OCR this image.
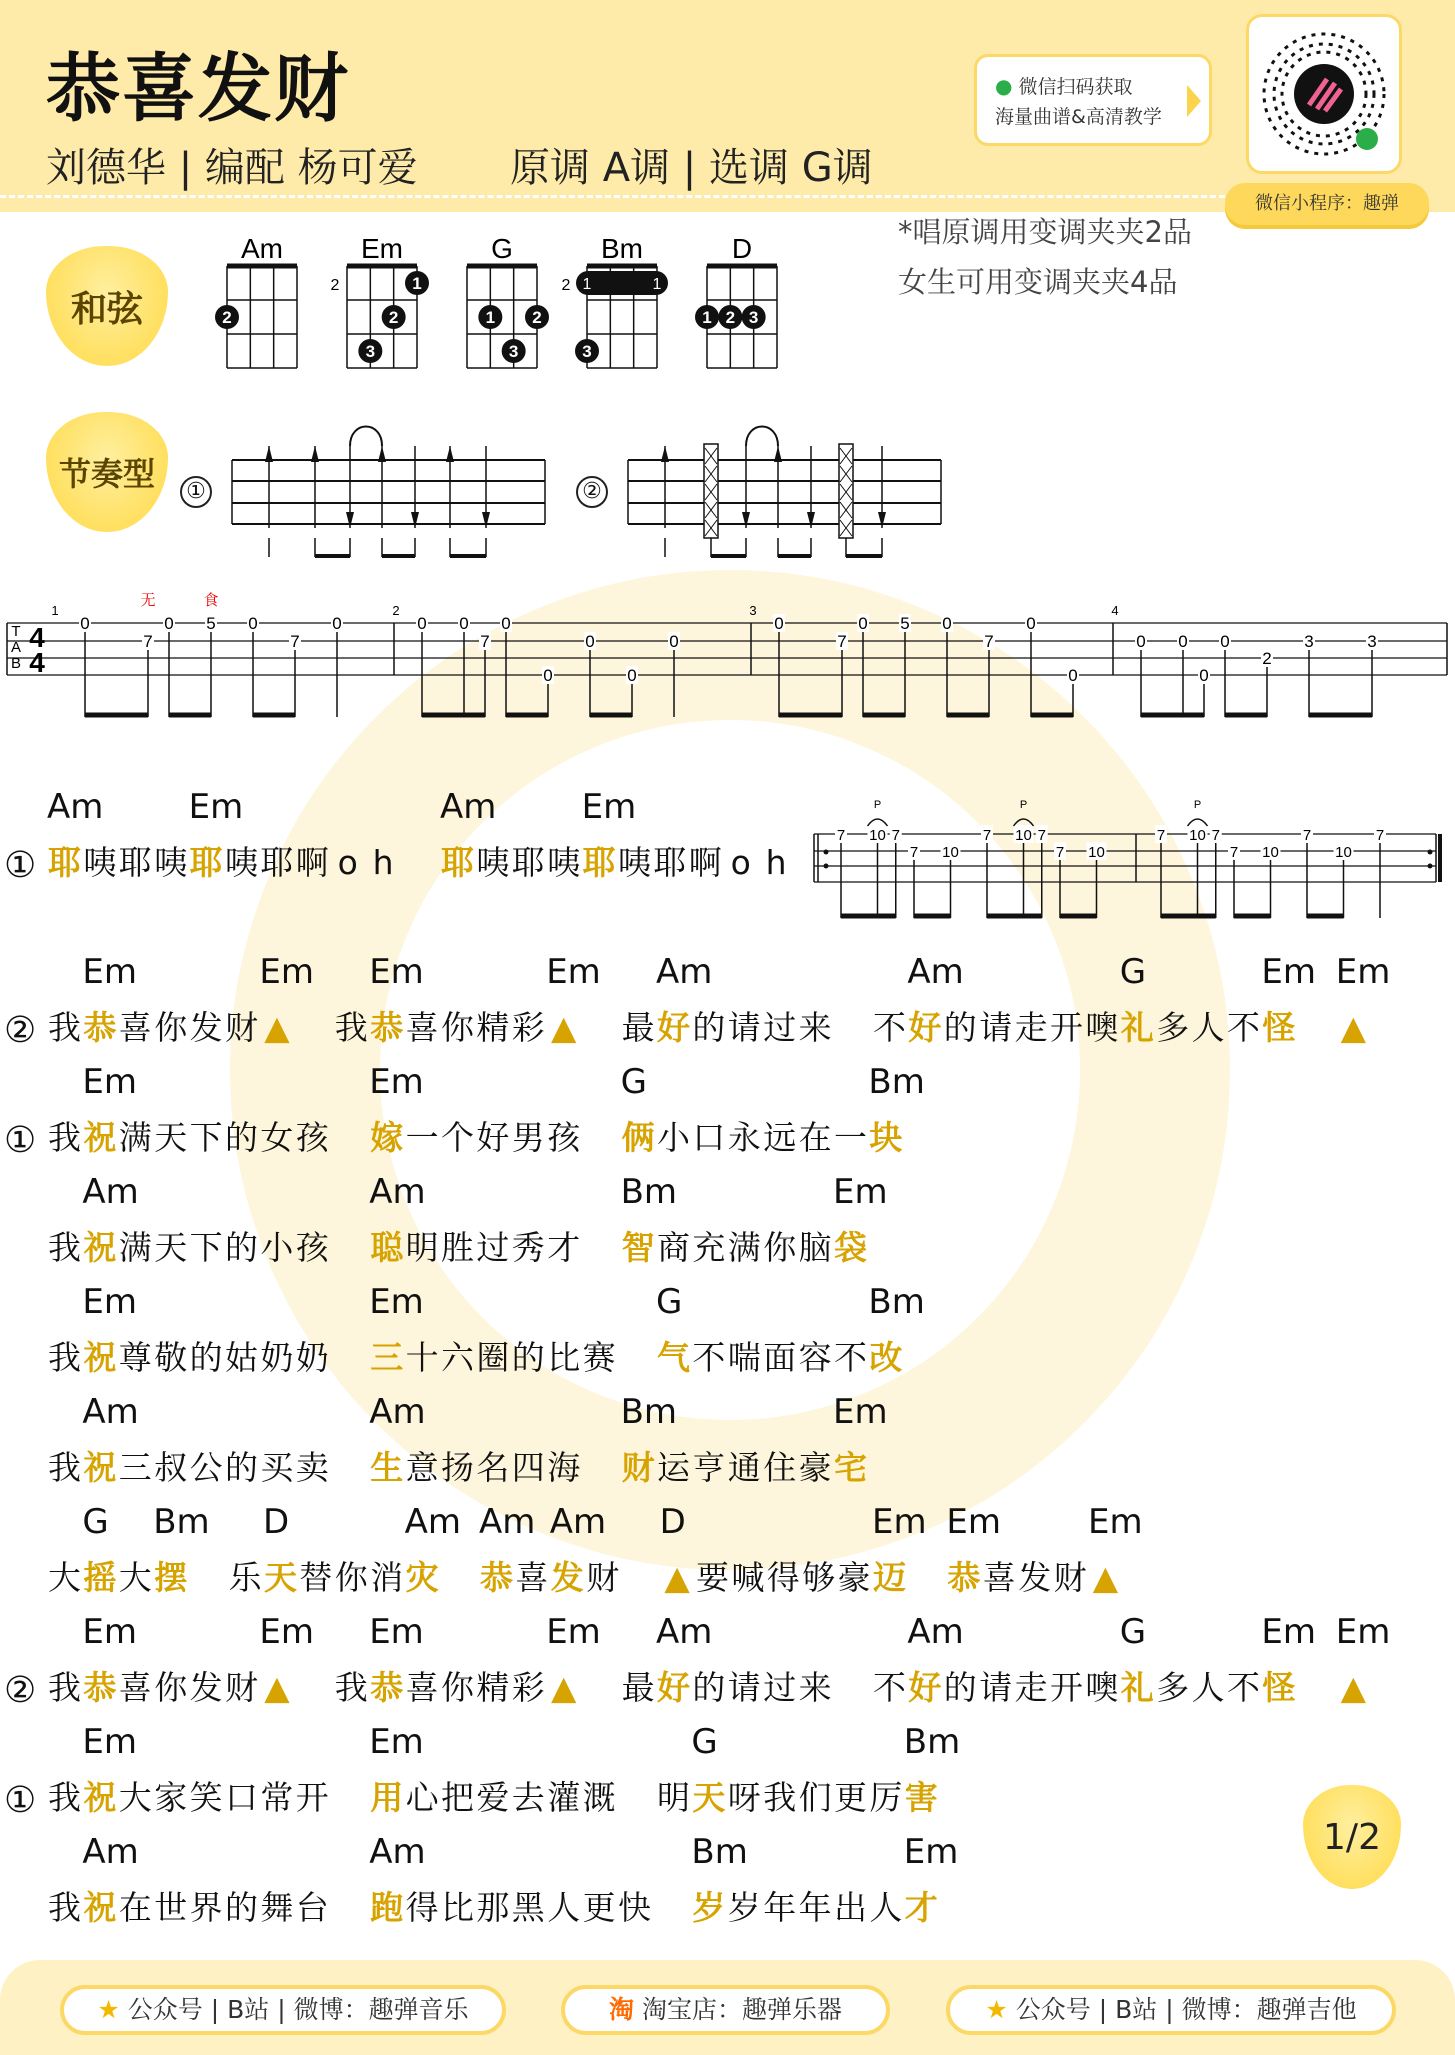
恭喜发财
刘德华 | 编配 杨可爱 原调 A调 | 选调 G调
● 微信扫码获取
海量曲谱&高清教学
微信小程序：趣弹
*唱原调用变调夹夹2品
女生可用变调夹夹4品
和弦
节奏型	①	②
Am
2
Em
2	1
2
3
G
1 2
3
Bm
1	1
2
3
D
1 2 3
1
0
7
无
0 5
食
0
7
0
2
0 0
7
0
0
0
0
0
3
0
7
0 5 0
7
0
0
4
0 0
0
0
2
3	3
T
A
B
4
4
7 10
P
7
7 10
7 10
P
7
7 10
7 10
P
7
7 10
7
10
7
① 耶
Am
咦 耶 咦 耶
Em
咦 耶 啊 o h 耶
Am
咦 耶 咦 耶
Em
咦 耶 啊 o h
② 我 恭
Em
喜 你 发 财 ▲
Em
我 恭
Em
喜 你 精 彩 ▲
Em
最 好
Am
的 请 过 来 不 好
Am
的 请 走 开 噢 礼
G
多 人 不 怪
Em
▲
Em
① 我 祝
Em
满 天 下 的 女 孩 嫁
Em
一 个 好 男 孩 俩
G
小 口 永 远 在 一 块
Bm
我 祝
Am
满 天 下 的 小 孩 聪
Am
明 胜 过 秀 才 智
Bm
商 充 满 你 脑 袋
Em
我 祝
Em
尊 敬 的 姑 奶 奶 三
Em
十 六 圈 的 比 赛 气
G
不 喘 面 容 不 改
Bm
我 祝
Am
三 叔 公 的 买 卖 生
Am
意 扬 名 四 海 财
Bm
运 亨 通 住 豪 宅
Em
大 摇
G
大 摆
Bm
乐 天
D
替 你 消 灾
Am
恭
Am
喜 发
Am
财 ▲
D
要 喊 得 够 豪 迈
Em
恭
Em
喜 发 财 ▲
Em
② 我 恭
Em
喜 你 发 财 ▲
Em
我 恭
Em
喜 你 精 彩 ▲
Em
最 好
Am
的 请 过 来 不 好
Am
的 请 走 开 噢 礼
G
多 人 不 怪
Em
▲
Em
① 我 祝
Em
大 家 笑 口 常 开 用
Em
心 把 爱 去 灌 溉 明 天
G
呀 我 们 更 厉 害
Bm
我 祝
Am
在 世 界 的 舞 台 跑
Am
得 比 那 黑 人 更 快 岁
Bm
岁 年 年 出 人 才
Em	1/2
★ 公众号 | B站 | 微博：趣弹音乐	淘 淘宝店：趣弹乐器	★ 公众号 | B站 | 微博：趣弹吉他
